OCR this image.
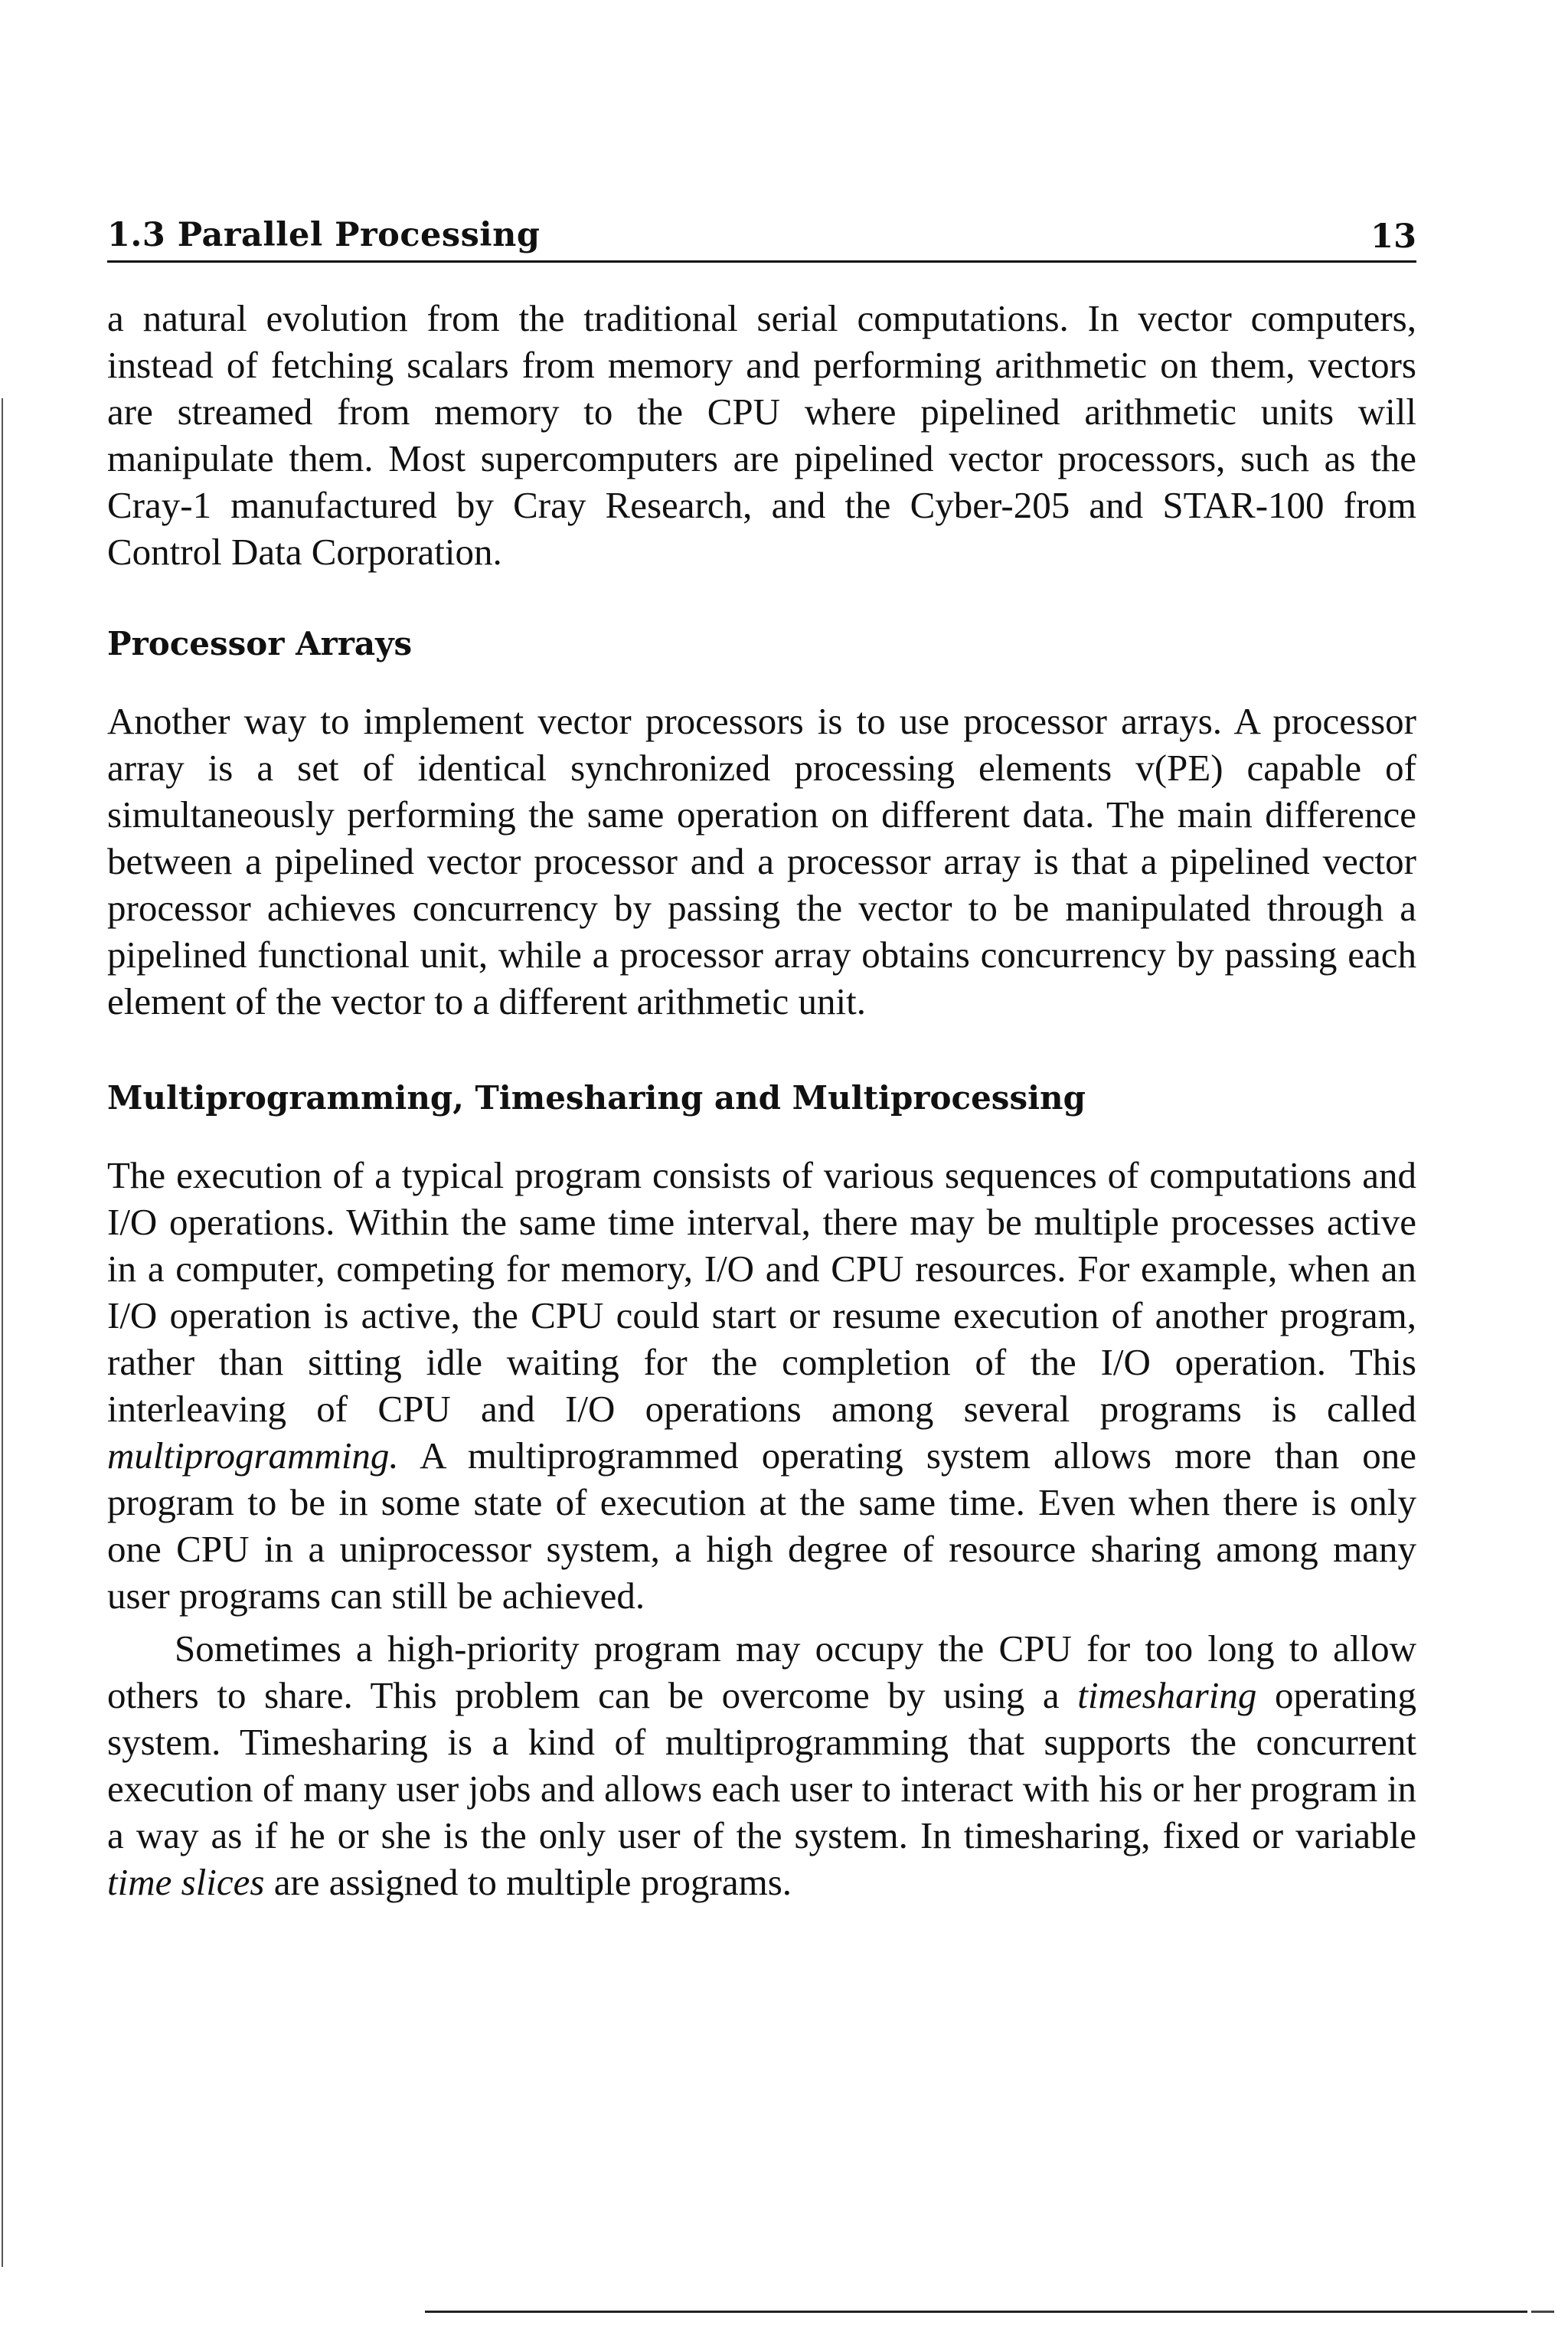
1.3 Parallel Processing	13

a natural evolution from the traditional serial computations. In vector computers, instead of fetching scalars from memory and performing arithmetic on them, vectors are streamed from memory to the CPU where pipelined arithmetic units will manipulate them. Most supercomputers are pipelined vector processors, such as the Cray-1 manufactured by Cray Research, and the Cyber-205 and STAR-100 from Control Data Corporation.

Processor Arrays

Another way to implement vector processors is to use processor arrays. A processor array is a set of identical synchronized processing elements v(PE) capable of simultaneously performing the same operation on different data. The main difference between a pipelined vector processor and a processor array is that a pipelined vector processor achieves concurrency by passing the vector to be manipulated through a pipelined functional unit, while a processor array obtains concurrency by passing each element of the vector to a different arithmetic unit.

Multiprogramming, Timesharing and Multiprocessing

The execution of a typical program consists of various sequences of computations and I/O operations. Within the same time interval, there may be multiple processes active in a computer, competing for memory, I/O and CPU resources. For example, when an I/O operation is active, the CPU could start or resume execution of another program, rather than sitting idle waiting for the completion of the I/O operation. This interleaving of CPU and I/O operations among several programs is called multiprogramming. A multiprogrammed operating system allows more than one program to be in some state of execution at the same time. Even when there is only one CPU in a uniprocessor system, a high degree of resource sharing among many user programs can still be achieved.

Sometimes a high-priority program may occupy the CPU for too long to allow others to share. This problem can be overcome by using a timesharing operating system. Timesharing is a kind of multiprogramming that supports the concurrent execution of many user jobs and allows each user to interact with his or her program in a way as if he or she is the only user of the system. In timesharing, fixed or variable time slices are assigned to multiple programs.
